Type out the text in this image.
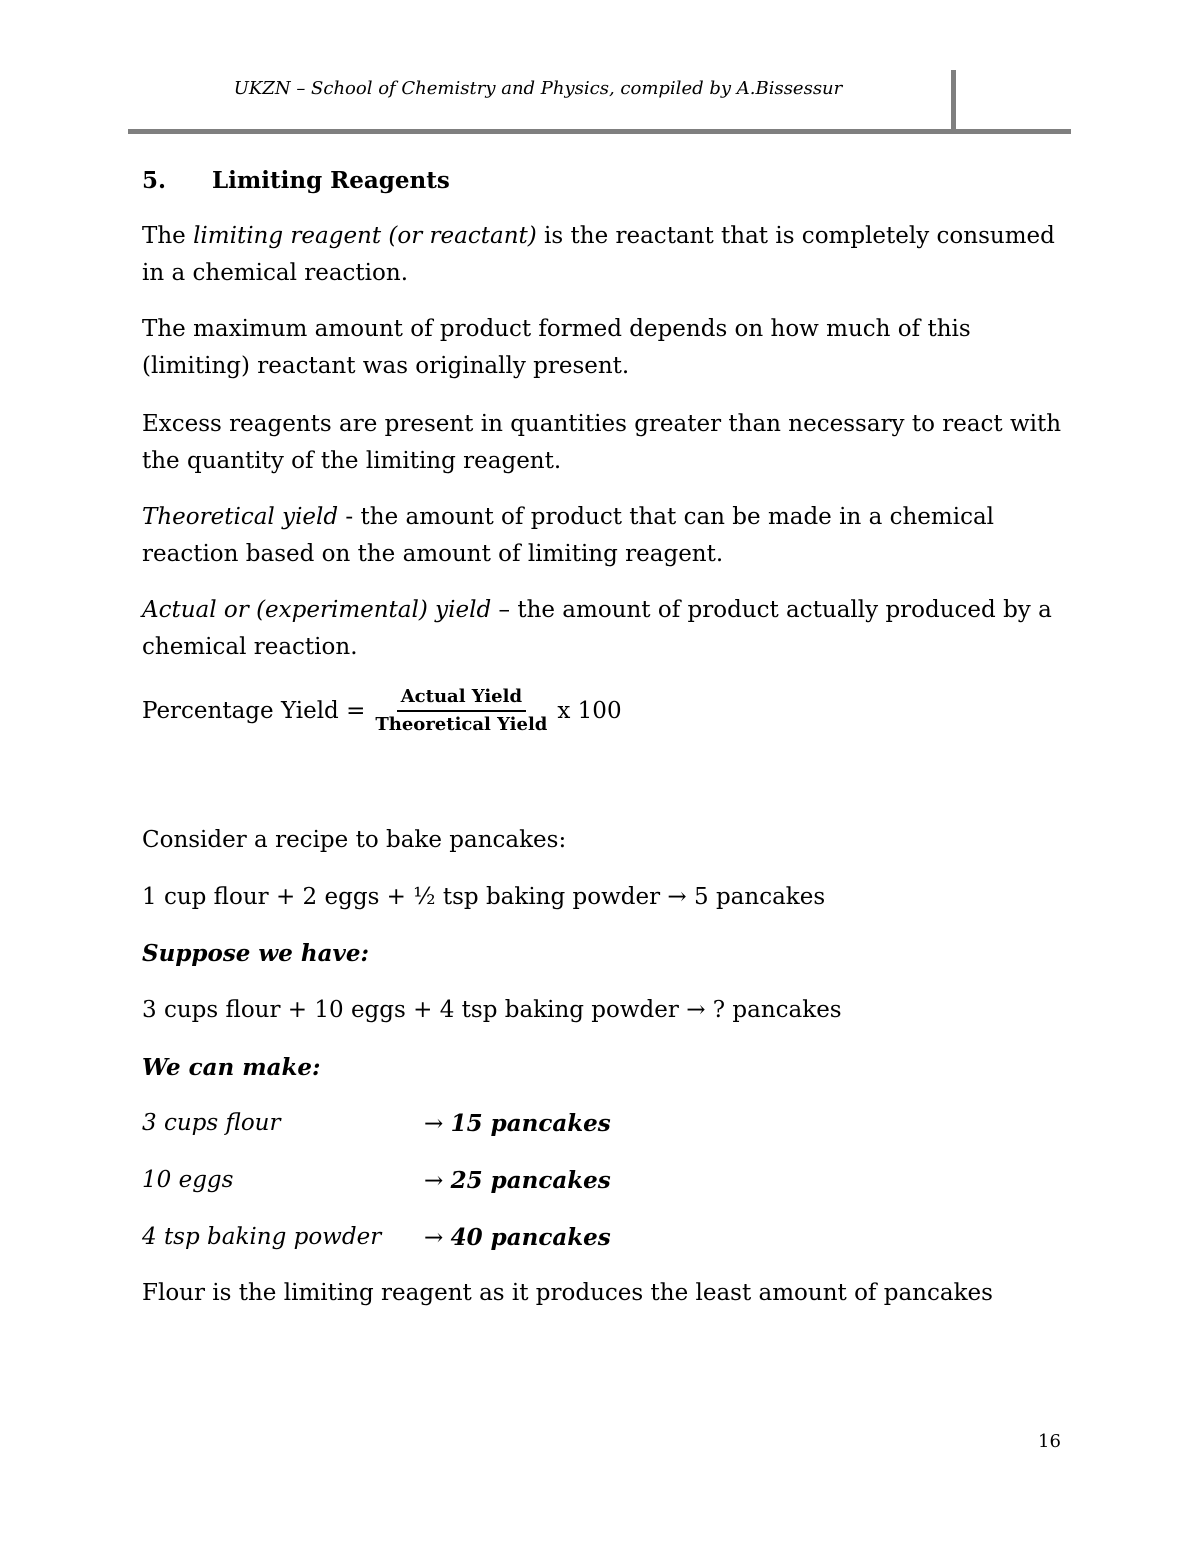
UKZN – School of Chemistry and Physics, compiled by A.Bissessur
5. Limiting Reagents
The limiting reagent (or reactant) is the reactant that is completely consumed
in a chemical reaction.
The maximum amount of product formed depends on how much of this
(limiting) reactant was originally present.
Excess reagents are present in quantities greater than necessary to react with
the quantity of the limiting reagent.
Theoretical yield - the amount of product that can be made in a chemical
reaction based on the amount of limiting reagent.
Actual or (experimental) yield – the amount of product actually produced by a
chemical reaction.
Percentage Yield = $\frac{\text{Actual Yield}}{\text{Theoretical Yield}}$ x 100
Consider a recipe to bake pancakes:
1 cup flour + 2 eggs + ½ tsp baking powder → 5 pancakes
Suppose we have:
3 cups flour + 10 eggs + 4 tsp baking powder → ? pancakes
We can make:
3 cups flour	→ 15 pancakes
10 eggs	→ 25 pancakes
4 tsp baking powder → 40 pancakes
Flour is the limiting reagent as it produces the least amount of pancakes
16
